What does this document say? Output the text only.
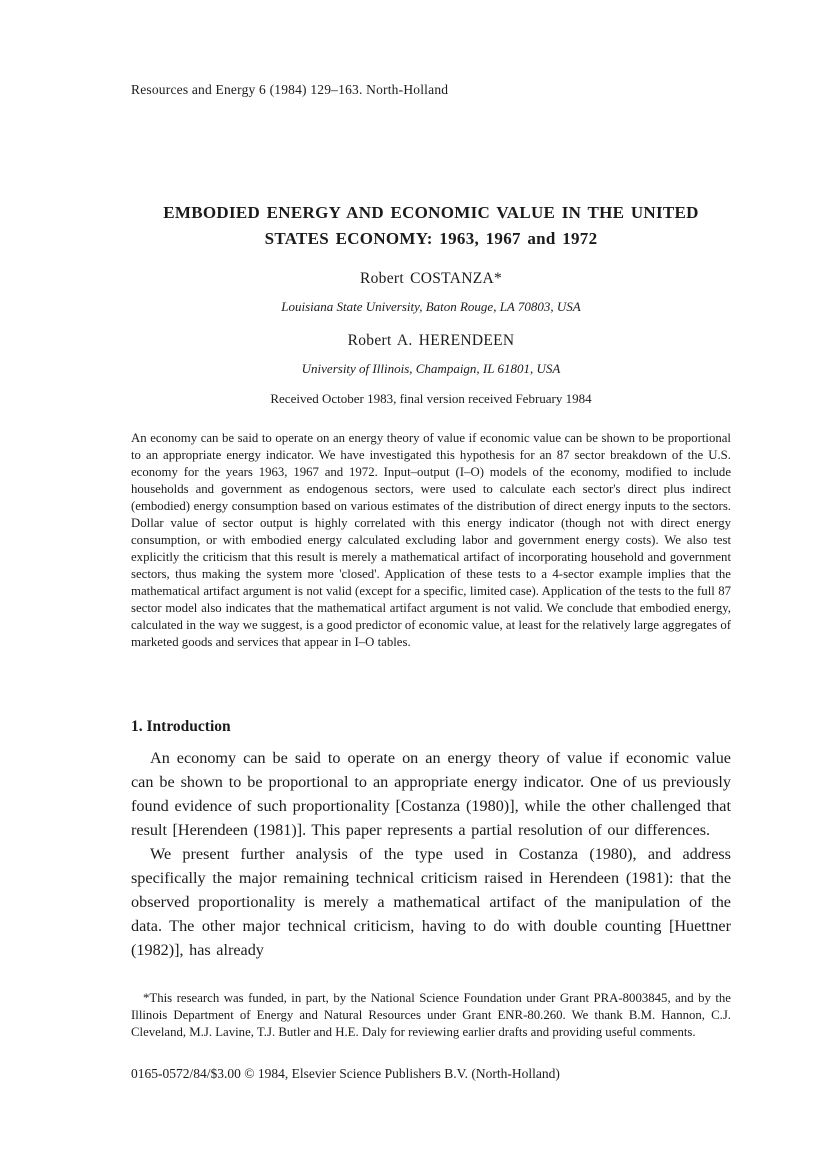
Resources and Energy 6 (1984) 129–163. North-Holland
EMBODIED ENERGY AND ECONOMIC VALUE IN THE UNITED
STATES ECONOMY: 1963, 1967 and 1972
Robert COSTANZA*
Louisiana State University, Baton Rouge, LA 70803, USA
Robert A. HERENDEEN
University of Illinois, Champaign, IL 61801, USA
Received October 1983, final version received February 1984
An economy can be said to operate on an energy theory of value if economic value can be shown to be proportional to an appropriate energy indicator. We have investigated this hypothesis for an 87 sector breakdown of the U.S. economy for the years 1963, 1967 and 1972. Input–output (I–O) models of the economy, modified to include households and government as endogenous sectors, were used to calculate each sector's direct plus indirect (embodied) energy consumption based on various estimates of the distribution of direct energy inputs to the sectors. Dollar value of sector output is highly correlated with this energy indicator (though not with direct energy consumption, or with embodied energy calculated excluding labor and government energy costs). We also test explicitly the criticism that this result is merely a mathematical artifact of incorporating household and government sectors, thus making the system more 'closed'. Application of these tests to a 4-sector example implies that the mathematical artifact argument is not valid (except for a specific, limited case). Application of the tests to the full 87 sector model also indicates that the mathematical artifact argument is not valid. We conclude that embodied energy, calculated in the way we suggest, is a good predictor of economic value, at least for the relatively large aggregates of marketed goods and services that appear in I–O tables.
1. Introduction

An economy can be said to operate on an energy theory of value if economic value can be shown to be proportional to an appropriate energy indicator. One of us previously found evidence of such proportionality [Costanza (1980)], while the other challenged that result [Herendeen (1981)]. This paper represents a partial resolution of our differences.

We present further analysis of the type used in Costanza (1980), and address specifically the major remaining technical criticism raised in Herendeen (1981): that the observed proportionality is merely a mathematical artifact of the manipulation of the data. The other major technical criticism, having to do with double counting [Huettner (1982)], has already

*This research was funded, in part, by the National Science Foundation under Grant PRA-8003845, and by the Illinois Department of Energy and Natural Resources under Grant ENR-80.260. We thank B.M. Hannon, C.J. Cleveland, M.J. Lavine, T.J. Butler and H.E. Daly for reviewing earlier drafts and providing useful comments.
0165-0572/84/$3.00 © 1984, Elsevier Science Publishers B.V. (North-Holland)
